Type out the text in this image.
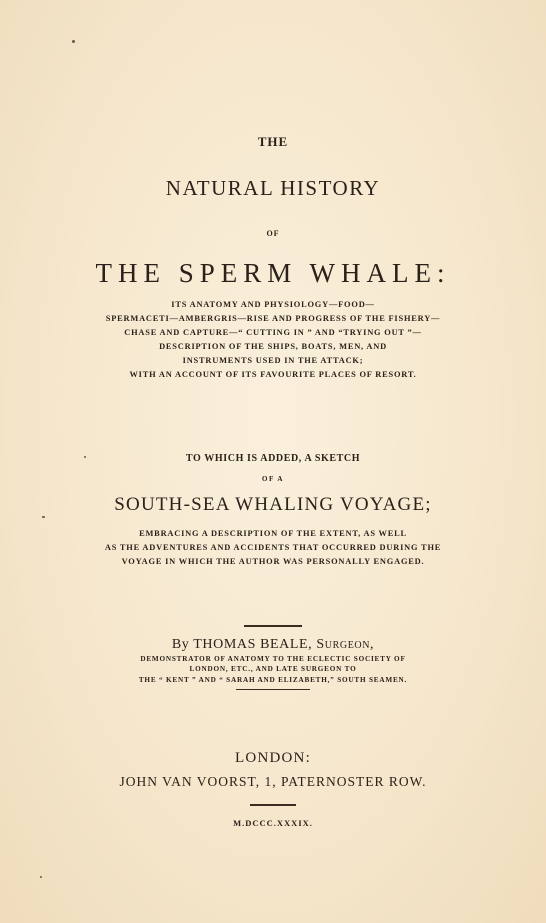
THE
NATURAL HISTORY
OF
THE SPERM WHALE:
ITS ANATOMY AND PHYSIOLOGY—FOOD—
SPERMACETI—AMBERGRIS—RISE AND PROGRESS OF THE FISHERY—
CHASE AND CAPTURE—“ CUTTING IN ” AND “TRYING OUT ”—
DESCRIPTION OF THE SHIPS, BOATS, MEN, AND
INSTRUMENTS USED IN THE ATTACK;
WITH AN ACCOUNT OF ITS FAVOURITE PLACES OF RESORT.
TO WHICH IS ADDED, A SKETCH
OF A
SOUTH-SEA WHALING VOYAGE;
EMBRACING A DESCRIPTION OF THE EXTENT, AS WELL
AS THE ADVENTURES AND ACCIDENTS THAT OCCURRED DURING THE
VOYAGE IN WHICH THE AUTHOR WAS PERSONALLY ENGAGED.
By THOMAS BEALE, Surgeon,
DEMONSTRATOR OF ANATOMY TO THE ECLECTIC SOCIETY OF
LONDON, ETC., AND LATE SURGEON TO
THE “ KENT ” AND “ SARAH AND ELIZABETH,” SOUTH SEAMEN.
LONDON:
JOHN VAN VOORST, 1, PATERNOSTER ROW.
M.DCCC.XXXIX.
